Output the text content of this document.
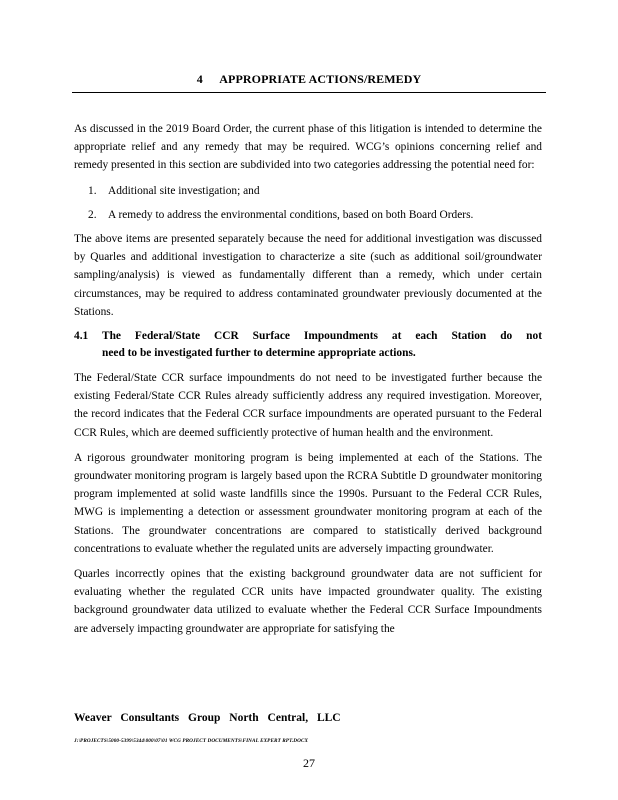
4 APPROPRIATE ACTIONS/REMEDY

As discussed in the 2019 Board Order, the current phase of this litigation is intended to determine the appropriate relief and any remedy that may be required. WCG’s opinions concerning relief and remedy presented in this section are subdivided into two categories addressing the potential need for:

1. Additional site investigation; and
2. A remedy to address the environmental conditions, based on both Board Orders.

The above items are presented separately because the need for additional investigation was discussed by Quarles and additional investigation to characterize a site (such as additional soil/groundwater sampling/analysis) is viewed as fundamentally different than a remedy, which under certain circumstances, may be required to address contaminated groundwater previously documented at the Stations.

4.1	The Federal/State CCR Surface Impoundments at each Station do not
need to be investigated further to determine appropriate actions.

The Federal/State CCR surface impoundments do not need to be investigated further because the existing Federal/State CCR Rules already sufficiently address any required investigation. Moreover, the record indicates that the Federal CCR surface impoundments are operated pursuant to the Federal CCR Rules, which are deemed sufficiently protective of human health and the environment.

A rigorous groundwater monitoring program is being implemented at each of the Stations. The groundwater monitoring program is largely based upon the RCRA Subtitle D groundwater monitoring program implemented at solid waste landfills since the 1990s. Pursuant to the Federal CCR Rules, MWG is implementing a detection or assessment groundwater monitoring program at each of the Stations. The groundwater concentrations are compared to statistically derived background concentrations to evaluate whether the regulated units are adversely impacting groundwater.

Quarles incorrectly opines that the existing background groundwater data are not sufficient for evaluating whether the regulated CCR units have impacted groundwater quality. The existing background groundwater data utilized to evaluate whether the Federal CCR Surface Impoundments are adversely impacting groundwater are appropriate for satisfying the

Weaver Consultants Group North Central, LLC
J:\PROJECTS\5000-5399\5344\000\07\01 WCG PROJECT DOCUMENTS\FINAL EXPERT RPT.DOCX
27
